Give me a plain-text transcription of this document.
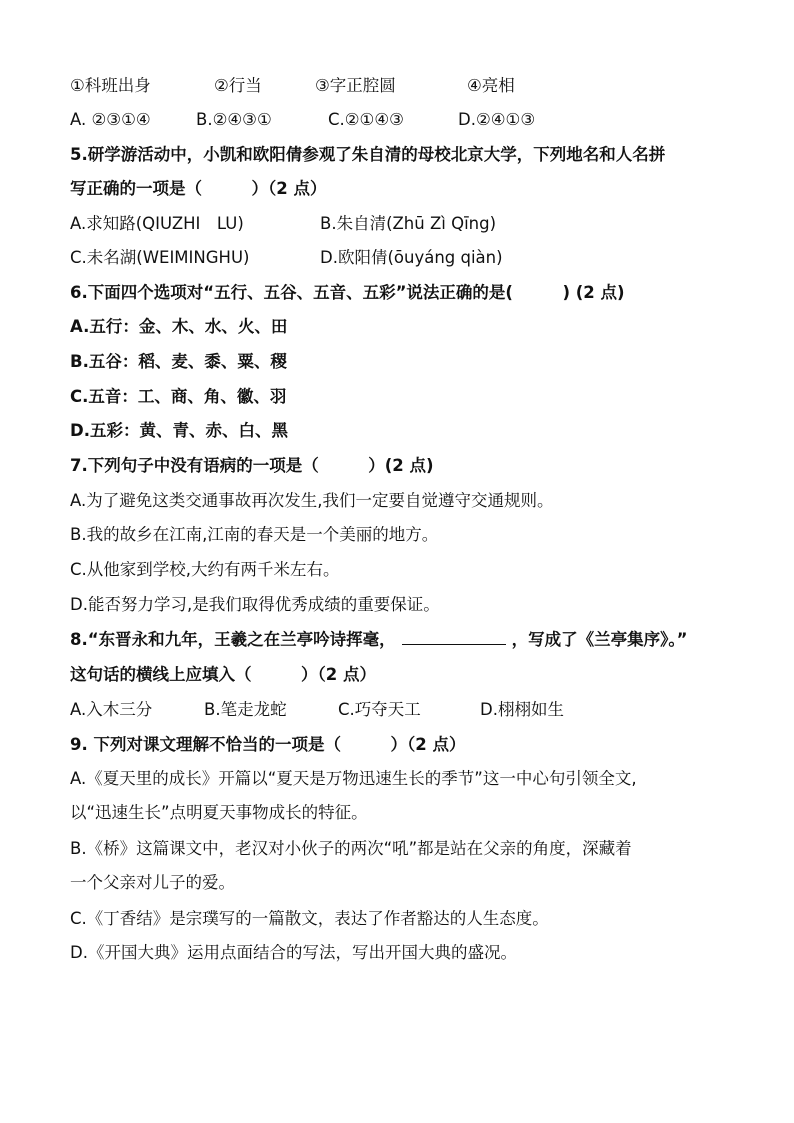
①科班出身	②行当	③字正腔圆	④亮相
A. ②③①④	B.②④③①	C.②①④③	D.②④①③
5.研学游活动中，小凯和欧阳倩参观了朱自清的母校北京大学，下列地名和人名拼
写正确的一项是（　　　）（2 点）
A.求知路(QIUZHI　LU)	B.朱自清(Zhū Zì Qīng)
C.未名湖(WEIMINGHU)	D.欧阳倩(ōuyáng qiàn)
6.下面四个选项对“五行、五谷、五音、五彩”说法正确的是(　　　) (2 点)
A.五行：金、木、水、火、田
B.五谷：稻、麦、黍、粟、稷
C.五音：工、商、角、徽、羽
D.五彩：黄、青、赤、白、黑
7.下列句子中没有语病的一项是（　　　）(2 点)
A.为了避免这类交通事故再次发生,我们一定要自觉遵守交通规则。
B.我的故乡在江南,江南的春天是一个美丽的地方。
C.从他家到学校,大约有两千米左右。
D.能否努力学习,是我们取得优秀成绩的重要保证。
8.“东晋永和九年，王羲之在兰亭吟诗挥毫，	，写成了《兰亭集序》。”
这句话的横线上应填入（　　　）（2 点）
A.入木三分	B.笔走龙蛇	C.巧夺天工	D.栩栩如生
9. 下列对课文理解不恰当的一项是（　　　）（2 点）
A.《夏天里的成长》开篇以“夏天是万物迅速生长的季节”这一中心句引领全文,
以“迅速生长”点明夏天事物成长的特征。
B.《桥》这篇课文中，老汉对小伙子的两次“吼”都是站在父亲的角度，深藏着
一个父亲对儿子的爱。
C.《丁香结》是宗璞写的一篇散文，表达了作者豁达的人生态度。
D.《开国大典》运用点面结合的写法，写出开国大典的盛况。
